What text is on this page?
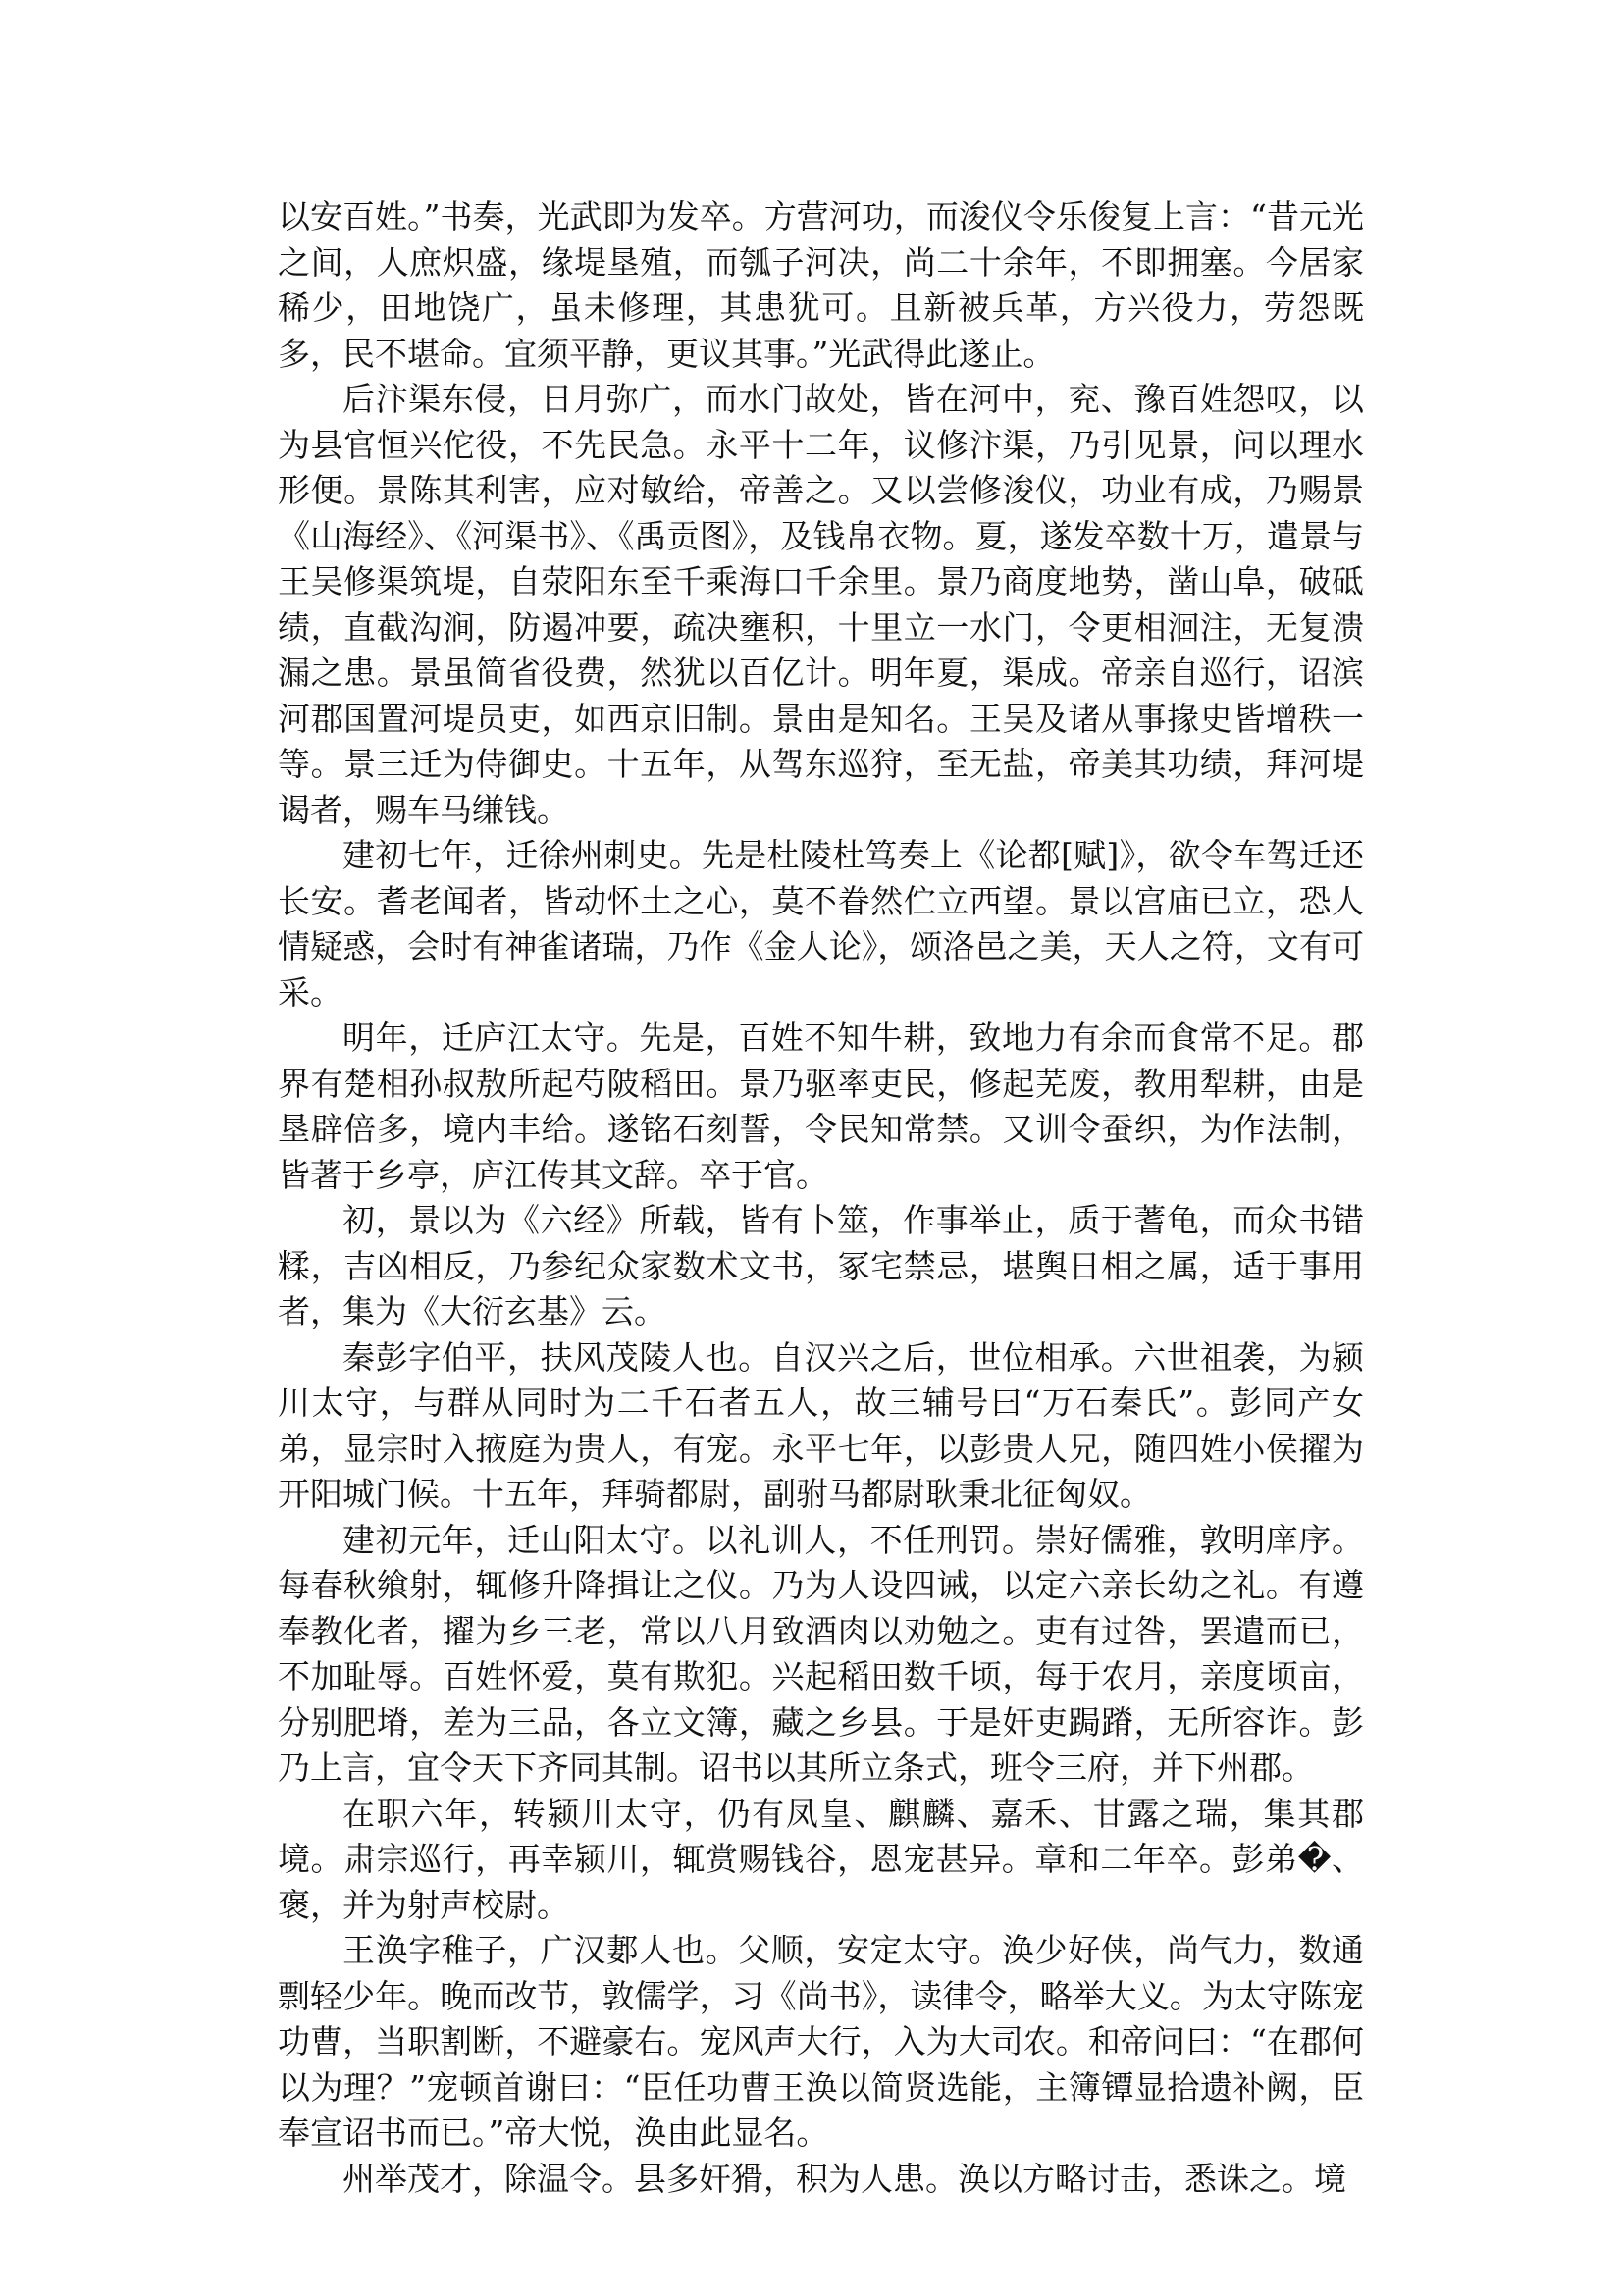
以安百姓。”书奏，光武即为发卒。方营河功，而浚仪令乐俊复上言：“昔元光之间，人庶炽盛，缘堤垦殖，而瓠子河决，尚二十余年，不即拥塞。今居家稀少，田地饶广，虽未修理，其患犹可。且新被兵革，方兴役力，劳怨既多，民不堪命。宜须平静，更议其事。”光武得此遂止。

后汴渠东侵，日月弥广，而水门故处，皆在河中，兖、豫百姓怨叹，以为县官恒兴佗役，不先民急。永平十二年，议修汴渠，乃引见景，问以理水形便。景陈其利害，应对敏给，帝善之。又以尝修浚仪，功业有成，乃赐景《山海经》、《河渠书》、《禹贡图》，及钱帛衣物。夏，遂发卒数十万，遣景与王吴修渠筑堤，自荥阳东至千乘海口千余里。景乃商度地势，凿山阜，破砥绩，直截沟涧，防遏冲要，疏决壅积，十里立一水门，令更相洄注，无复溃漏之患。景虽简省役费，然犹以百亿计。明年夏，渠成。帝亲自巡行，诏滨河郡国置河堤员吏，如西京旧制。景由是知名。王吴及诸从事掾史皆增秩一等。景三迁为侍御史。十五年，从驾东巡狩，至无盐，帝美其功绩，拜河堤谒者，赐车马缣钱。

建初七年，迁徐州刺史。先是杜陵杜笃奏上《论都[赋]》，欲令车驾迁还长安。耆老闻者，皆动怀土之心，莫不眷然伫立西望。景以宫庙已立，恐人情疑惑，会时有神雀诸瑞，乃作《金人论》，颂洛邑之美，天人之符，文有可采。

明年，迁庐江太守。先是，百姓不知牛耕，致地力有余而食常不足。郡界有楚相孙叔敖所起芍陂稻田。景乃驱率吏民，修起芜废，教用犁耕，由是垦辟倍多，境内丰给。遂铭石刻誓，令民知常禁。又训令蚕织，为作法制，皆著于乡亭，庐江传其文辞。卒于官。

初，景以为《六经》所载，皆有卜筮，作事举止，质于蓍龟，而众书错糅，吉凶相反，乃参纪众家数术文书，冢宅禁忌，堪舆日相之属，适于事用者，集为《大衍玄基》云。

秦彭字伯平，扶风茂陵人也。自汉兴之后，世位相承。六世祖袭，为颍川太守，与群从同时为二千石者五人，故三辅号曰“万石秦氏”。彭同产女弟，显宗时入掖庭为贵人，有宠。永平七年，以彭贵人兄，随四姓小侯擢为开阳城门候。十五年，拜骑都尉，副驸马都尉耿秉北征匈奴。

建初元年，迁山阳太守。以礼训人，不任刑罚。崇好儒雅，敦明庠序。每春秋飨射，辄修升降揖让之仪。乃为人设四诫，以定六亲长幼之礼。有遵奉教化者，擢为乡三老，常以八月致酒肉以劝勉之。吏有过咎，罢遣而已，不加耻辱。百姓怀爱，莫有欺犯。兴起稻田数千顷，每于农月，亲度顷亩，分别肥塉，差为三品，各立文簿，藏之乡县。于是奸吏跼蹐，无所容诈。彭乃上言，宜令天下齐同其制。诏书以其所立条式，班令三府，并下州郡。

在职六年，转颍川太守，仍有凤皇、麒麟、嘉禾、甘露之瑞，集其郡境。肃宗巡行，再幸颍川，辄赏赐钱谷，恩宠甚异。章和二年卒。彭弟�、褒，并为射声校尉。

王涣字稚子，广汉郪人也。父顺，安定太守。涣少好侠，尚气力，数通剽轻少年。晚而改节，敦儒学，习《尚书》，读律令，略举大义。为太守陈宠功曹，当职割断，不避豪右。宠风声大行，入为大司农。和帝问曰：“在郡何以为理？”宠顿首谢曰：“臣任功曹王涣以简贤选能，主簿镡显拾遗补阙，臣奉宣诏书而已。”帝大悦，涣由此显名。

州举茂才，除温令。县多奸猾，积为人患。涣以方略讨击，悉诛之。境
